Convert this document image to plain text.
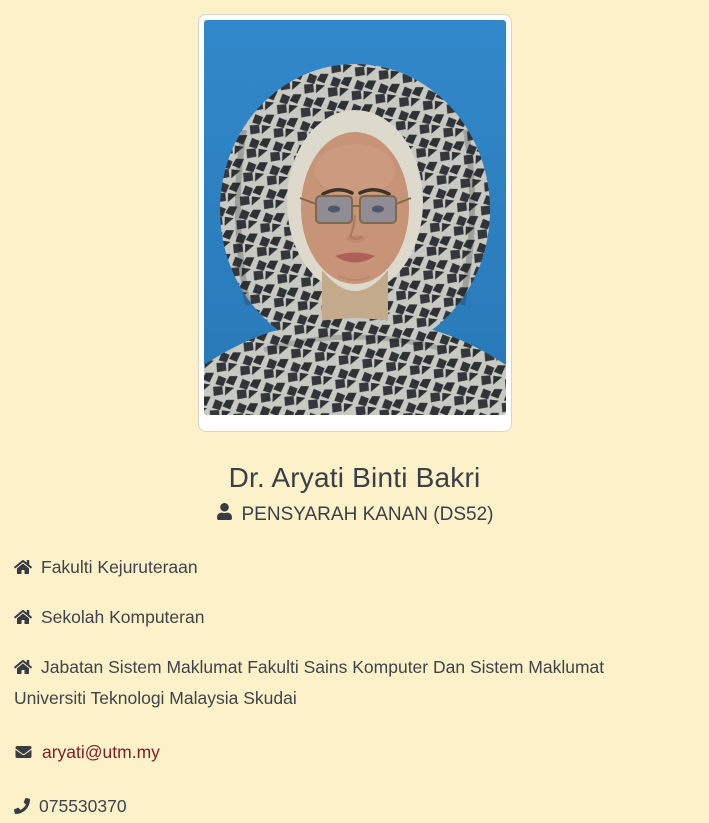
Dr. Aryati Binti Bakri
PENSYARAH KANAN (DS52)

Fakulti Kejuruteraan

Sekolah Komputeran

Jabatan Sistem Maklumat Fakulti Sains Komputer Dan Sistem Maklumat Universiti Teknologi Malaysia Skudai

aryati@utm.my

075530370
